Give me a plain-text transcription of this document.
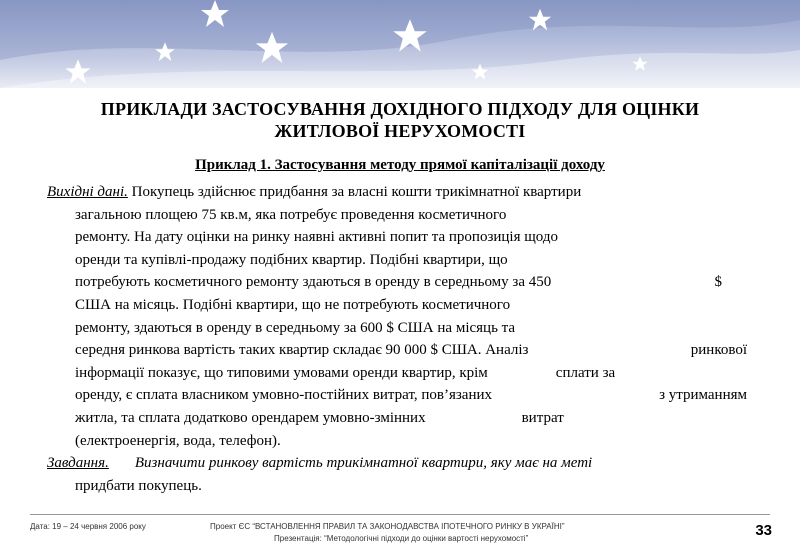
ПРИКЛАДИ ЗАСТОСУВАННЯ ДОХІДНОГО ПІДХОДУ ДЛЯ ОЦІНКИ
ЖИТЛОВОЇ НЕРУХОМОСТІ
Приклад 1. Застосування методу прямої капіталізації доходу
Вихідні дані. Покупець здійснює придбання за власні кошти трикімнатної квартири
загальною площею 75 кв.м, яка потребує проведення косметичного
ремонту. На дату оцінки на ринку наявні активні попит та пропозиція щодо
оренди та купівлі-продажу подібних квартир. Подібні квартири, що
потребують косметичного ремонту здаються в оренду в середньому за 450	$
США на місяць. Подібні квартири, що не потребують косметичного
ремонту, здаються в оренду в середньому за 600 $ США на місяць та
середня ринкова вартість таких квартир складає 90 000 $ США. Аналіз	ринкової
інформації показує, що типовими умовами оренди квартир, крім	сплати за
оренду, є сплата власником умовно-постійних витрат, пов’язаних	з утриманням
житла, та сплата додатково орендарем умовно-змінних	витрат
(електроенергія, вода, телефон).
Завдання. Визначити ринкову вартість трикімнатної квартири, яку має на меті
придбати покупець.
Дата: 19 – 24 червня 2006 року	Проект ЄС “ВСТАНОВЛЕННЯ ПРАВИЛ ТА ЗАКОНОДАВСТВА ІПОТЕЧНОГО РИНКУ В УКРАЇНІ”
Презентація: “Методологічні підходи до оцінки вартості нерухомості”	33
